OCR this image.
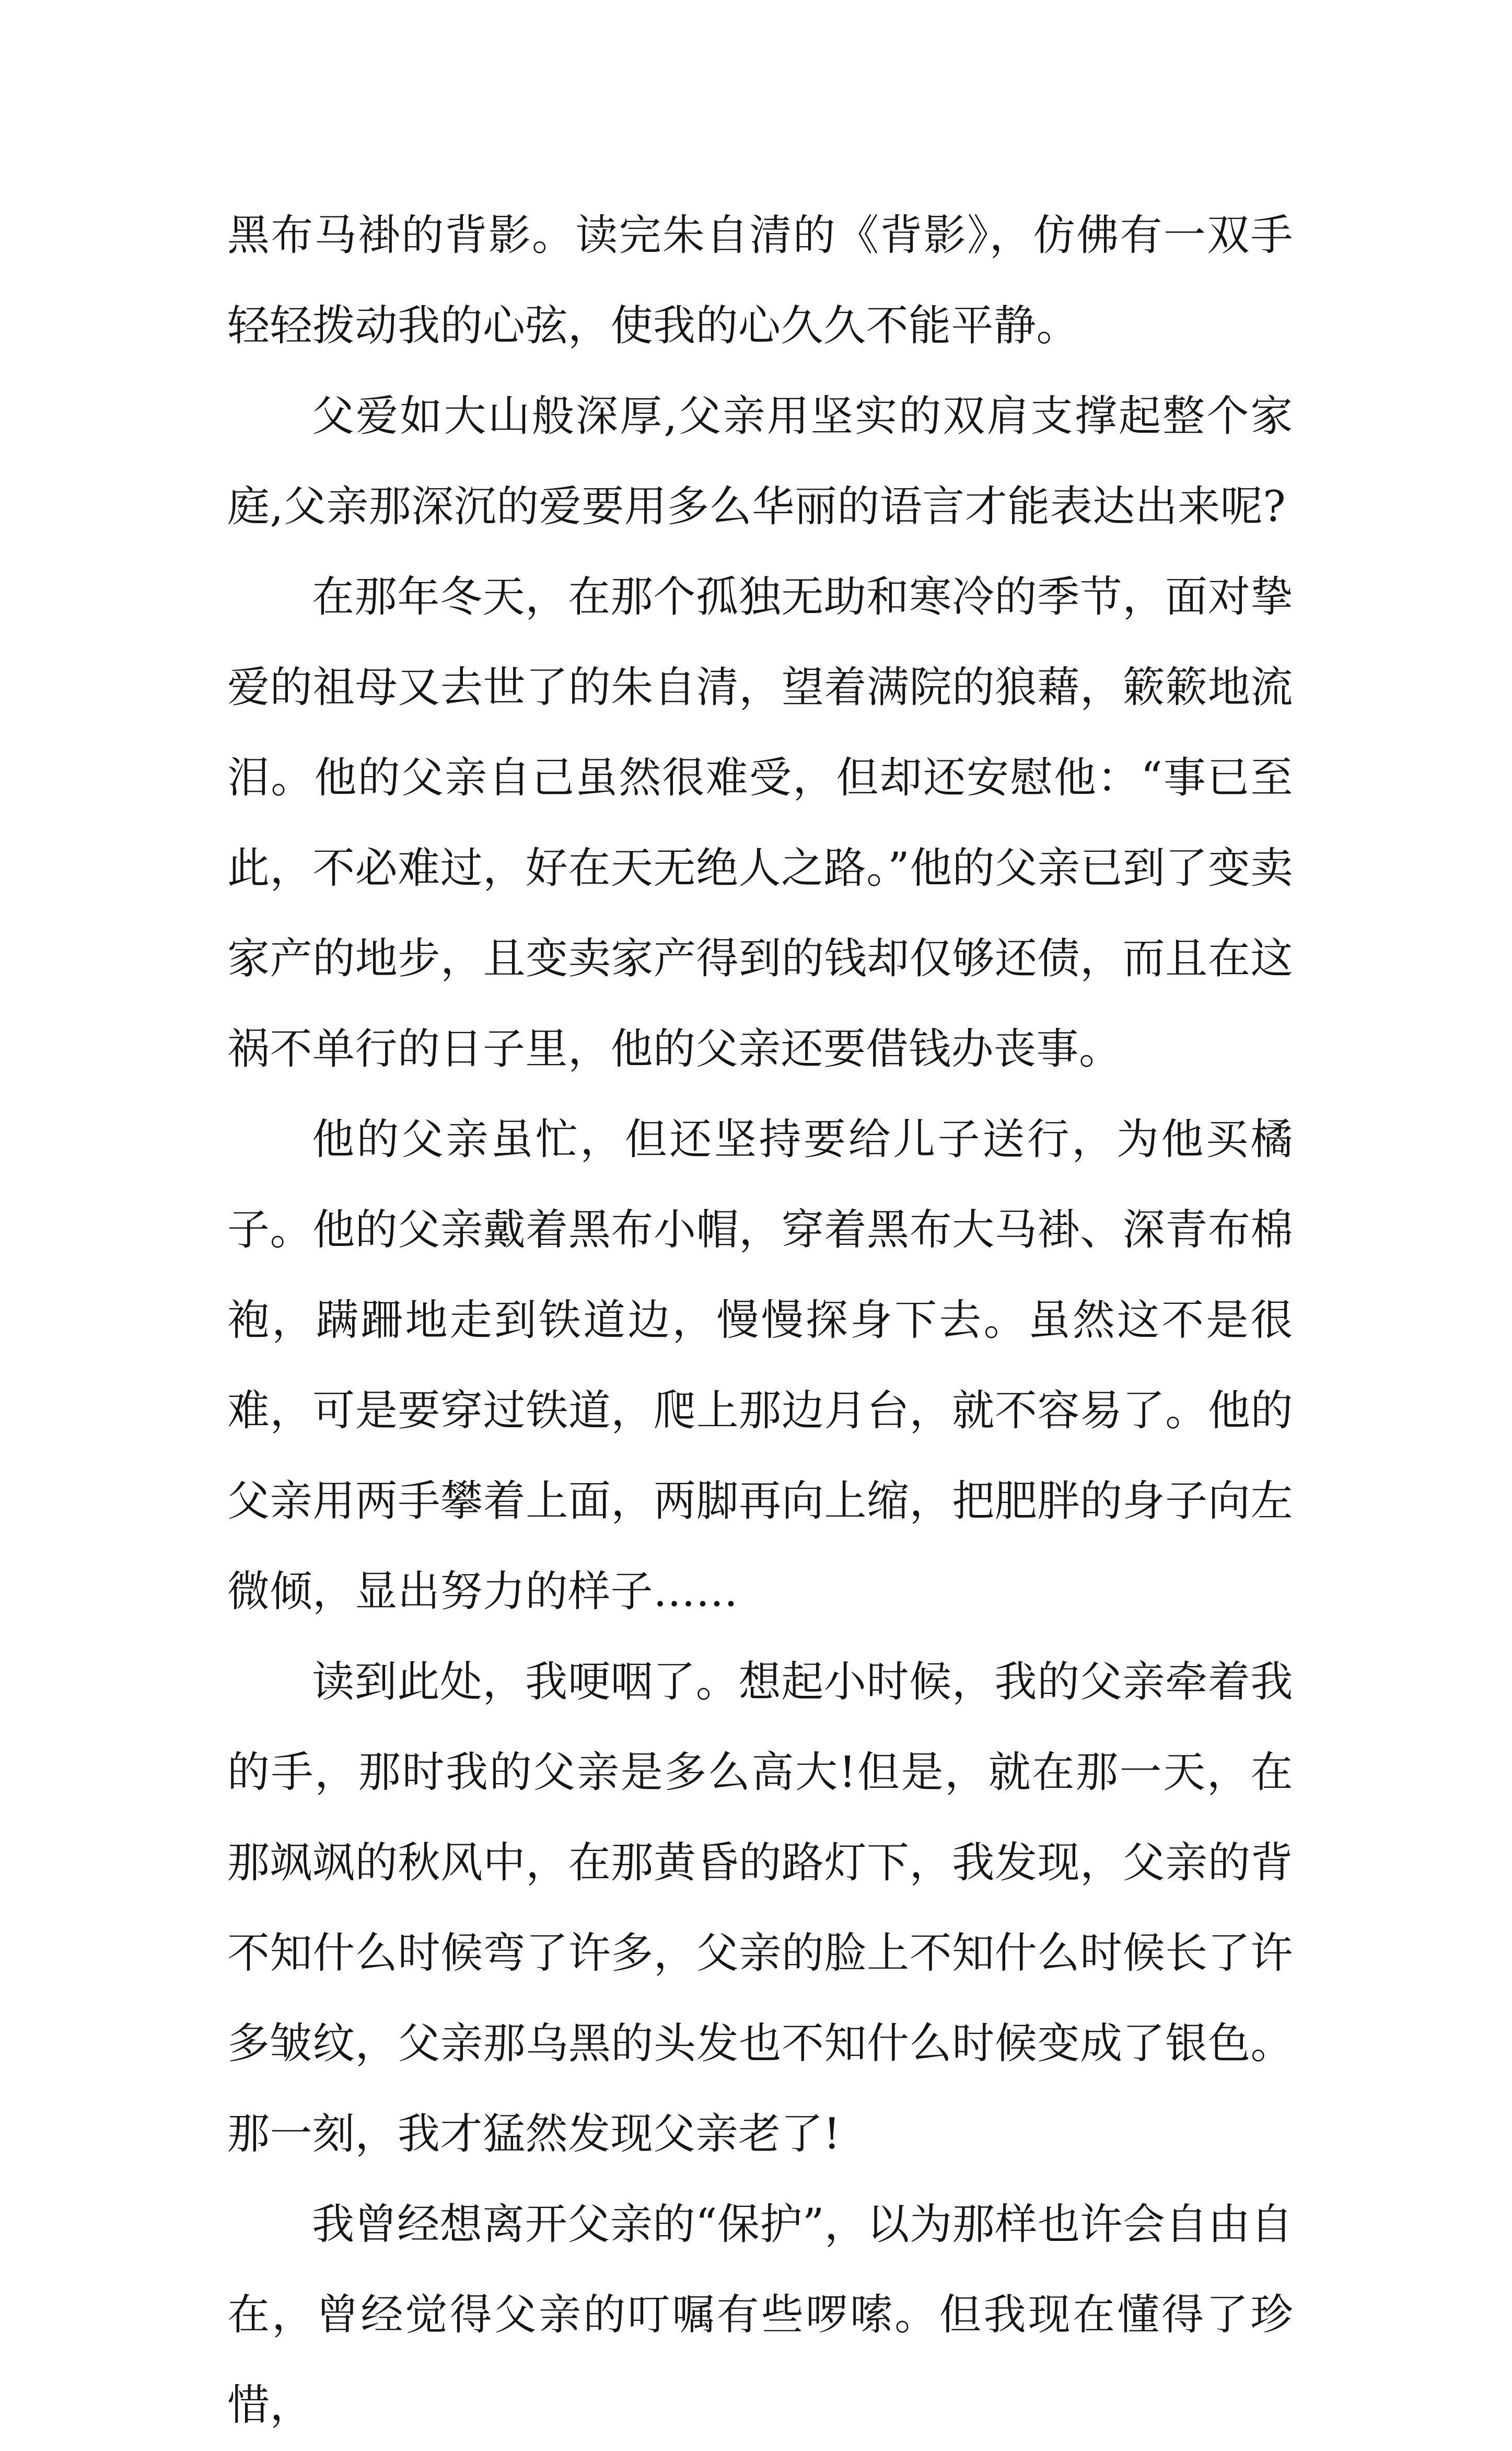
黑布马褂的背影。读完朱自清的《背影》，仿佛有一双手轻轻拨动我的心弦，使我的心久久不能平静。

父爱如大山般深厚,父亲用坚实的双肩支撑起整个家庭,父亲那深沉的爱要用多么华丽的语言才能表达出来呢?

在那年冬天，在那个孤独无助和寒冷的季节，面对挚爱的祖母又去世了的朱自清，望着满院的狼藉，簌簌地流泪。他的父亲自己虽然很难受，但却还安慰他：“事已至此，不必难过，好在天无绝人之路。”他的父亲已到了变卖家产的地步，且变卖家产得到的钱却仅够还债，而且在这祸不单行的日子里，他的父亲还要借钱办丧事。

他的父亲虽忙，但还坚持要给儿子送行，为他买橘子。他的父亲戴着黑布小帽，穿着黑布大马褂、深青布棉袍，蹒跚地走到铁道边，慢慢探身下去。虽然这不是很难，可是要穿过铁道，爬上那边月台，就不容易了。他的父亲用两手攀着上面，两脚再向上缩，把肥胖的身子向左微倾，显出努力的样子……

读到此处，我哽咽了。想起小时候，我的父亲牵着我的手，那时我的父亲是多么高大!但是，就在那一天，在那飒飒的秋风中，在那黄昏的路灯下，我发现，父亲的背不知什么时候弯了许多，父亲的脸上不知什么时候长了许多皱纹，父亲那乌黑的头发也不知什么时候变成了银色。那一刻，我才猛然发现父亲老了!

我曾经想离开父亲的“保护”，以为那样也许会自由自在，曾经觉得父亲的叮嘱有些啰嗦。但我现在懂得了珍惜，
